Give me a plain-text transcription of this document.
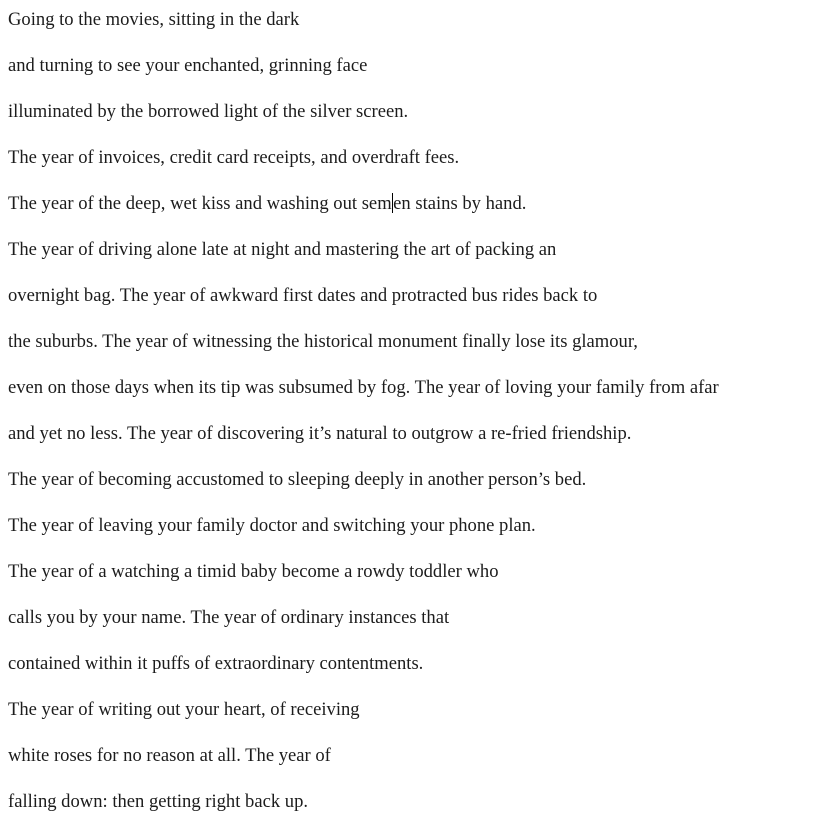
Going to the movies, sitting in the dark
and turning to see your enchanted, grinning face
illuminated by the borrowed light of the silver screen.
The year of invoices, credit card receipts, and overdraft fees.
The year of the deep, wet kiss and washing out semen stains by hand.
The year of driving alone late at night and mastering the art of packing an
overnight bag. The year of awkward first dates and protracted bus rides back to
the suburbs. The year of witnessing the historical monument finally lose its glamour,
even on those days when its tip was subsumed by fog. The year of loving your family from afar
and yet no less. The year of discovering it’s natural to outgrow a re-fried friendship.
The year of becoming accustomed to sleeping deeply in another person’s bed.
The year of leaving your family doctor and switching your phone plan.
The year of a watching a timid baby become a rowdy toddler who
calls you by your name. The year of ordinary instances that
contained within it puffs of extraordinary contentments.
The year of writing out your heart, of receiving
white roses for no reason at all. The year of
falling down: then getting right back up.
